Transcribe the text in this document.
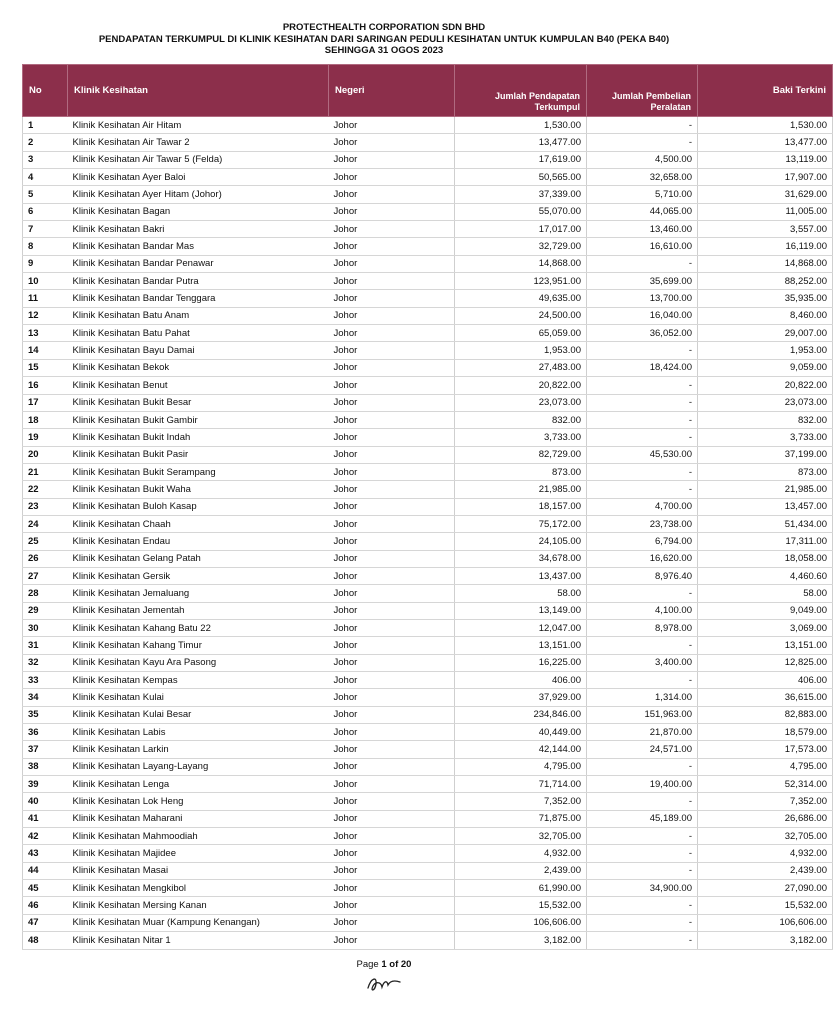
PROTECTHEALTH CORPORATION SDN BHD
PENDAPATAN TERKUMPUL DI KLINIK KESIHATAN DARI SARINGAN PEDULI KESIHATAN UNTUK KUMPULAN B40 (PEKA B40)
SEHINGGA 31 OGOS 2023
No	Klinik Kesihatan	Negeri	Jumlah Pendapatan Terkumpul	Jumlah Pembelian Peralatan	Baki Terkini
1	Klinik Kesihatan Air Hitam	Johor	1,530.00	-	1,530.00
2	Klinik Kesihatan Air Tawar 2	Johor	13,477.00	-	13,477.00
3	Klinik Kesihatan Air Tawar 5 (Felda)	Johor	17,619.00	4,500.00	13,119.00
4	Klinik Kesihatan Ayer Baloi	Johor	50,565.00	32,658.00	17,907.00
5	Klinik Kesihatan Ayer Hitam (Johor)	Johor	37,339.00	5,710.00	31,629.00
6	Klinik Kesihatan Bagan	Johor	55,070.00	44,065.00	11,005.00
7	Klinik Kesihatan Bakri	Johor	17,017.00	13,460.00	3,557.00
8	Klinik Kesihatan Bandar Mas	Johor	32,729.00	16,610.00	16,119.00
9	Klinik Kesihatan Bandar Penawar	Johor	14,868.00	-	14,868.00
10	Klinik Kesihatan Bandar Putra	Johor	123,951.00	35,699.00	88,252.00
11	Klinik Kesihatan Bandar Tenggara	Johor	49,635.00	13,700.00	35,935.00
12	Klinik Kesihatan Batu Anam	Johor	24,500.00	16,040.00	8,460.00
13	Klinik Kesihatan Batu Pahat	Johor	65,059.00	36,052.00	29,007.00
14	Klinik Kesihatan Bayu Damai	Johor	1,953.00	-	1,953.00
15	Klinik Kesihatan Bekok	Johor	27,483.00	18,424.00	9,059.00
16	Klinik Kesihatan Benut	Johor	20,822.00	-	20,822.00
17	Klinik Kesihatan Bukit Besar	Johor	23,073.00	-	23,073.00
18	Klinik Kesihatan Bukit Gambir	Johor	832.00	-	832.00
19	Klinik Kesihatan Bukit Indah	Johor	3,733.00	-	3,733.00
20	Klinik Kesihatan Bukit Pasir	Johor	82,729.00	45,530.00	37,199.00
21	Klinik Kesihatan Bukit Serampang	Johor	873.00	-	873.00
22	Klinik Kesihatan Bukit Waha	Johor	21,985.00	-	21,985.00
23	Klinik Kesihatan Buloh Kasap	Johor	18,157.00	4,700.00	13,457.00
24	Klinik Kesihatan Chaah	Johor	75,172.00	23,738.00	51,434.00
25	Klinik Kesihatan Endau	Johor	24,105.00	6,794.00	17,311.00
26	Klinik Kesihatan Gelang Patah	Johor	34,678.00	16,620.00	18,058.00
27	Klinik Kesihatan Gersik	Johor	13,437.00	8,976.40	4,460.60
28	Klinik Kesihatan Jemaluang	Johor	58.00	-	58.00
29	Klinik Kesihatan Jementah	Johor	13,149.00	4,100.00	9,049.00
30	Klinik Kesihatan Kahang Batu 22	Johor	12,047.00	8,978.00	3,069.00
31	Klinik Kesihatan Kahang Timur	Johor	13,151.00	-	13,151.00
32	Klinik Kesihatan Kayu Ara Pasong	Johor	16,225.00	3,400.00	12,825.00
33	Klinik Kesihatan Kempas	Johor	406.00	-	406.00
34	Klinik Kesihatan Kulai	Johor	37,929.00	1,314.00	36,615.00
35	Klinik Kesihatan Kulai Besar	Johor	234,846.00	151,963.00	82,883.00
36	Klinik Kesihatan Labis	Johor	40,449.00	21,870.00	18,579.00
37	Klinik Kesihatan Larkin	Johor	42,144.00	24,571.00	17,573.00
38	Klinik Kesihatan Layang-Layang	Johor	4,795.00	-	4,795.00
39	Klinik Kesihatan Lenga	Johor	71,714.00	19,400.00	52,314.00
40	Klinik Kesihatan Lok Heng	Johor	7,352.00	-	7,352.00
41	Klinik Kesihatan Maharani	Johor	71,875.00	45,189.00	26,686.00
42	Klinik Kesihatan Mahmoodiah	Johor	32,705.00	-	32,705.00
43	Klinik Kesihatan Majidee	Johor	4,932.00	-	4,932.00
44	Klinik Kesihatan Masai	Johor	2,439.00	-	2,439.00
45	Klinik Kesihatan Mengkibol	Johor	61,990.00	34,900.00	27,090.00
46	Klinik Kesihatan Mersing Kanan	Johor	15,532.00	-	15,532.00
47	Klinik Kesihatan Muar (Kampung Kenangan)	Johor	106,606.00	-	106,606.00
48	Klinik Kesihatan Nitar 1	Johor	3,182.00	-	3,182.00
Page 1 of 20
